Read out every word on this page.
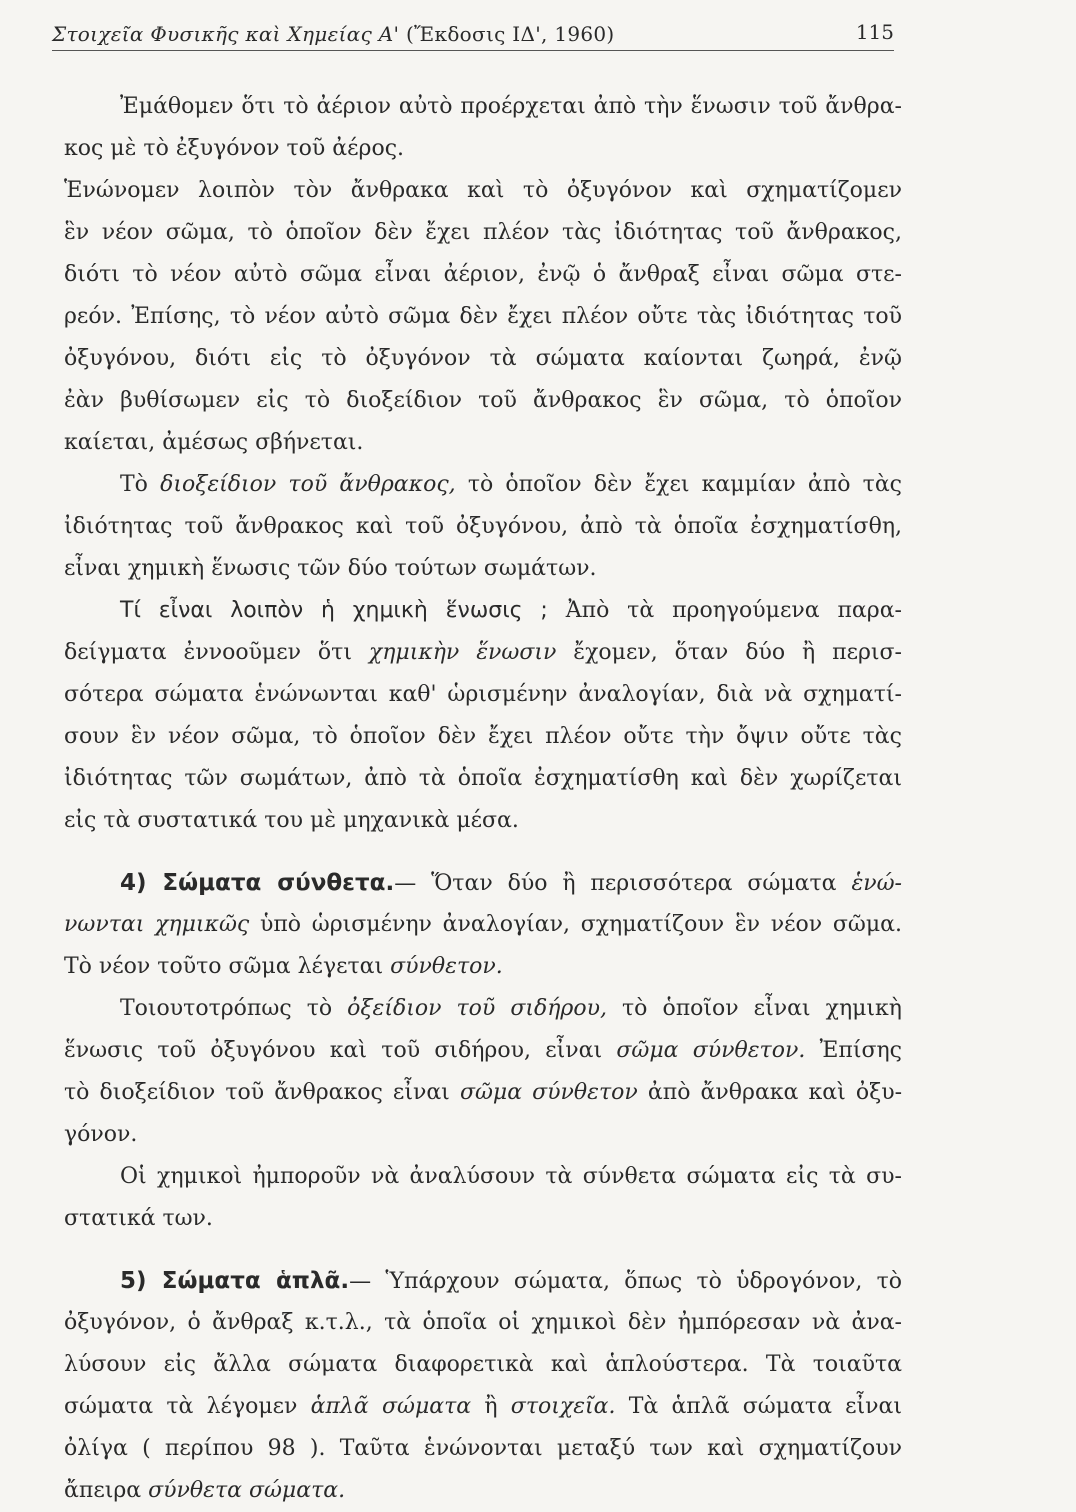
Στοιχεῖα Φυσικῆς καὶ Χημείας Α' (Ἔκδοσις ΙΔ', 1960)	115
Ἐμάθομεν ὅτι τὸ ἀέριον αὐτὸ προέρχεται ἀπὸ τὴν ἕνωσιν τοῦ ἄνθρα-
κος μὲ τὸ ἐξυγόνον τοῦ ἀέρος.
Ἑνώνομεν λοιπὸν τὸν ἄνθρακα καὶ τὸ ὀξυγόνον καὶ σχηματίζομεν
ἓν νέον σῶμα, τὸ ὁποῖον δὲν ἔχει πλέον τὰς ἰδιότητας τοῦ ἄνθρακος,
διότι τὸ νέον αὐτὸ σῶμα εἶναι ἀέριον, ἐνῷ ὁ ἄνθραξ εἶναι σῶμα στε-
ρεόν. Ἐπίσης, τὸ νέον αὐτὸ σῶμα δὲν ἔχει πλέον οὔτε τὰς ἰδιότητας τοῦ
ὀξυγόνου, διότι εἰς τὸ ὀξυγόνον τὰ σώματα καίονται ζωηρά, ἐνῷ
ἐὰν βυθίσωμεν εἰς τὸ διοξείδιον τοῦ ἄνθρακος ἓν σῶμα, τὸ ὁποῖον
καίεται, ἀμέσως σβήνεται.
Τὸ διοξείδιον τοῦ ἄνθρακος, τὸ ὁποῖον δὲν ἔχει καμμίαν ἀπὸ τὰς
ἰδιότητας τοῦ ἄνθρακος καὶ τοῦ ὀξυγόνου, ἀπὸ τὰ ὁποῖα ἐσχηματίσθη,
εἶναι χημικὴ ἕνωσις τῶν δύο τούτων σωμάτων.
Τί εἶναι λοιπὸν ἡ χημικὴ ἕνωσις ; Ἀπὸ τὰ προηγούμενα παρα-
δείγματα ἐννοοῦμεν ὅτι χημικὴν ἕνωσιν ἔχομεν, ὅταν δύο ἢ περισ-
σότερα σώματα ἑνώνωνται καθ' ὡρισμένην ἀναλογίαν, διὰ νὰ σχηματί-
σουν ἓν νέον σῶμα, τὸ ὁποῖον δὲν ἔχει πλέον οὔτε τὴν ὄψιν οὔτε τὰς
ἰδιότητας τῶν σωμάτων, ἀπὸ τὰ ὁποῖα ἐσχηματίσθη καὶ δὲν χωρίζεται
εἰς τὰ συστατικά του μὲ μηχανικὰ μέσα.
4) Σώματα σύνθετα.— Ὅταν δύο ἢ περισσότερα σώματα ἑνώ-
νωνται χημικῶς ὑπὸ ὡρισμένην ἀναλογίαν, σχηματίζουν ἓν νέον σῶμα.
Τὸ νέον τοῦτο σῶμα λέγεται σύνθετον.
Τοιουτοτρόπως τὸ ὀξείδιον τοῦ σιδήρου, τὸ ὁποῖον εἶναι χημικὴ
ἕνωσις τοῦ ὀξυγόνου καὶ τοῦ σιδήρου, εἶναι σῶμα σύνθετον. Ἐπίσης
τὸ διοξείδιον τοῦ ἄνθρακος εἶναι σῶμα σύνθετον ἀπὸ ἄνθρακα καὶ ὀξυ-
γόνον.
Οἱ χημικοὶ ἠμποροῦν νὰ ἀναλύσουν τὰ σύνθετα σώματα εἰς τὰ συ-
στατικά των.
5) Σώματα ἁπλᾶ.— Ὑπάρχουν σώματα, ὅπως τὸ ὑδρογόνον, τὸ
ὀξυγόνον, ὁ ἄνθραξ κ.τ.λ., τὰ ὁποῖα οἱ χημικοὶ δὲν ἠμπόρεσαν νὰ ἀνα-
λύσουν εἰς ἄλλα σώματα διαφορετικὰ καὶ ἁπλούστερα. Τὰ τοιαῦτα
σώματα τὰ λέγομεν ἁπλᾶ σώματα ἢ στοιχεῖα. Τὰ ἁπλᾶ σώματα εἶναι
ὀλίγα ( περίπου 98 ). Ταῦτα ἑνώνονται μεταξύ των καὶ σχηματίζουν
ἄπειρα σύνθετα σώματα.
